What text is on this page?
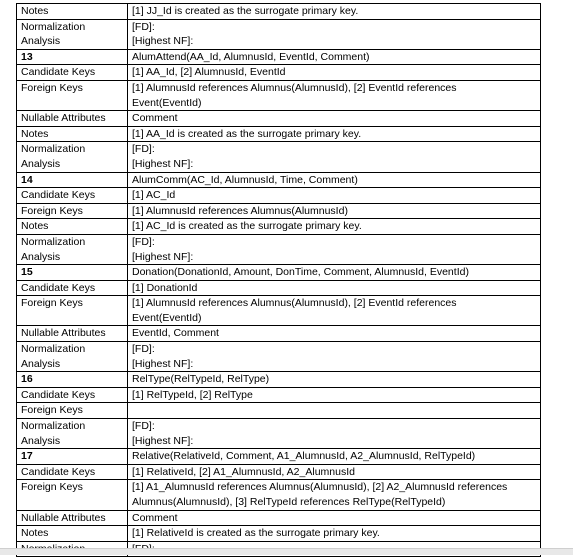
Notes	[1] JJ_Id is created as the surrogate primary key.
Normalization
Analysis	[FD]:
[Highest NF]:
13	AlumAttend(AA_Id, AlumnusId, EventId, Comment)
Candidate Keys	[1] AA_Id, [2] AlumnusId, EventId
Foreign Keys	[1] AlumnusId references Alumnus(AlumnusId), [2] EventId references
Event(EventId)
Nullable Attributes	Comment
Notes	[1] AA_Id is created as the surrogate primary key.
Normalization
Analysis	[FD]:
[Highest NF]:
14	AlumComm(AC_Id, AlumnusId, Time, Comment)
Candidate Keys	[1] AC_Id
Foreign Keys	[1] AlumnusId references Alumnus(AlumnusId)
Notes	[1] AC_Id is created as the surrogate primary key.
Normalization
Analysis	[FD]:
[Highest NF]:
15	Donation(DonationId, Amount, DonTime, Comment, AlumnusId, EventId)
Candidate Keys	[1] DonationId
Foreign Keys	[1] AlumnusId references Alumnus(AlumnusId), [2] EventId references
Event(EventId)
Nullable Attributes	EventId, Comment
Normalization
Analysis	[FD]:
[Highest NF]:
16	RelType(RelTypeId, RelType)
Candidate Keys	[1] RelTypeId, [2] RelType
Foreign Keys	
Normalization
Analysis	[FD]:
[Highest NF]:
17	Relative(RelativeId, Comment, A1_AlumnusId, A2_AlumnusId, RelTypeId)
Candidate Keys	[1] RelativeId, [2] A1_AlumnusId, A2_AlumnusId
Foreign Keys	[1] A1_AlumnusId references Alumnus(AlumnusId), [2] A2_AlumnusId references
Alumnus(AlumnusId), [3] RelTypeId references RelType(RelTypeId)
Nullable Attributes	Comment
Notes	[1] RelativeId is created as the surrogate primary key.
